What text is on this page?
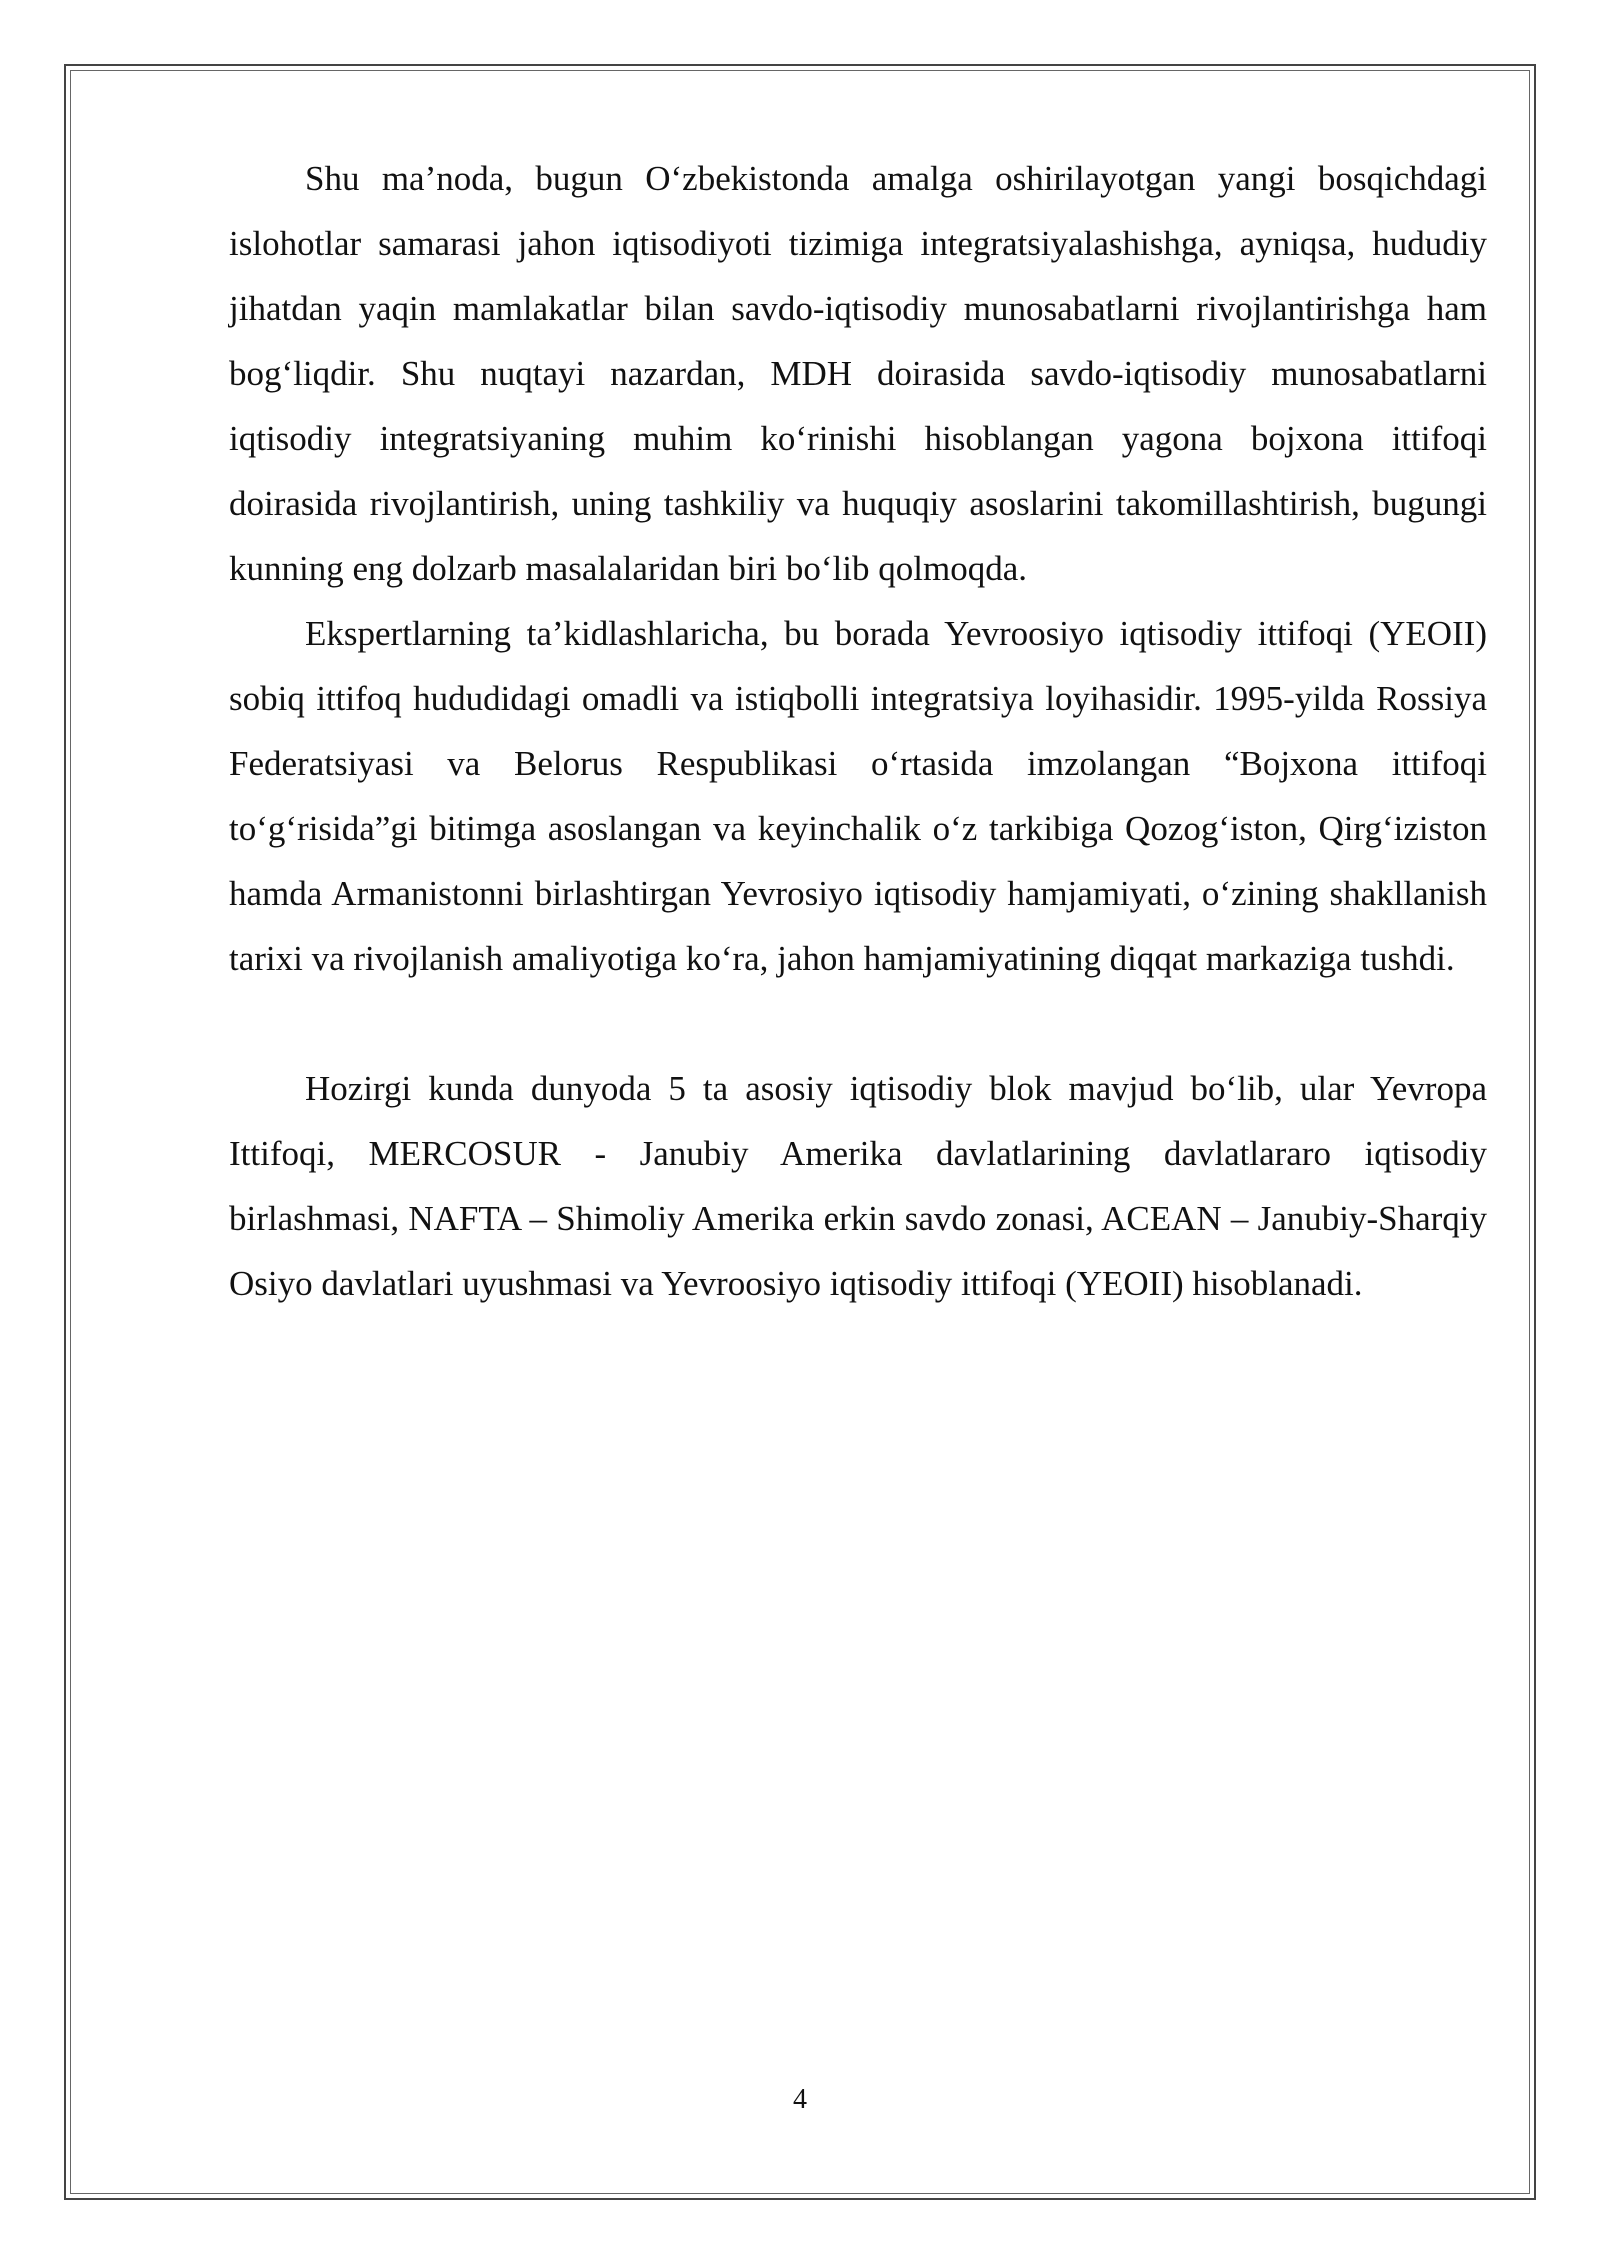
Shu ma’noda, bugun O‘zbekistonda amalga oshirilayotgan yangi bosqichdagi islohotlar samarasi jahon iqtisodiyoti tizimiga integratsiyalashishga, ayniqsa, hududiy jihatdan yaqin mamlakatlar bilan savdo-iqtisodiy munosabatlarni rivojlantirishga ham bog‘liqdir. Shu nuqtayi nazardan, MDH doirasida savdo-iqtisodiy munosabatlarni iqtisodiy integratsiyaning muhim ko‘rinishi hisoblangan yagona bojxona ittifoqi doirasida rivojlantirish, uning tashkiliy va huquqiy asoslarini takomillashtirish, bugungi kunning eng dolzarb masalalaridan biri bo‘lib qolmoqda.

Ekspertlarning ta’kidlashlaricha, bu borada Yevroosiyo iqtisodiy ittifoqi (YEOII) sobiq ittifoq hududidagi omadli va istiqbolli integratsiya loyihasidir. 1995-yilda Rossiya Federatsiyasi va Belorus Respublikasi o‘rtasida imzolangan “Bojxona ittifoqi to‘g‘risida”gi bitimga asoslangan va keyinchalik o‘z tarkibiga Qozog‘iston, Qirg‘iziston hamda Armanistonni birlashtirgan Yevrosiyo iqtisodiy hamjamiyati, o‘zining shakllanish tarixi va rivojlanish amaliyotiga ko‘ra, jahon hamjamiyatining diqqat markaziga tushdi.

Hozirgi kunda dunyoda 5 ta asosiy iqtisodiy blok mavjud bo‘lib, ular Yevropa Ittifoqi, MERCOSUR - Janubiy Amerika davlatlarining davlatlararo iqtisodiy birlashmasi, NAFTA – Shimoliy Amerika erkin savdo zonasi, ACEAN – Janubiy-Sharqiy Osiyo davlatlari uyushmasi va Yevroosiyo iqtisodiy ittifoqi (YEOII) hisoblanadi.

4
